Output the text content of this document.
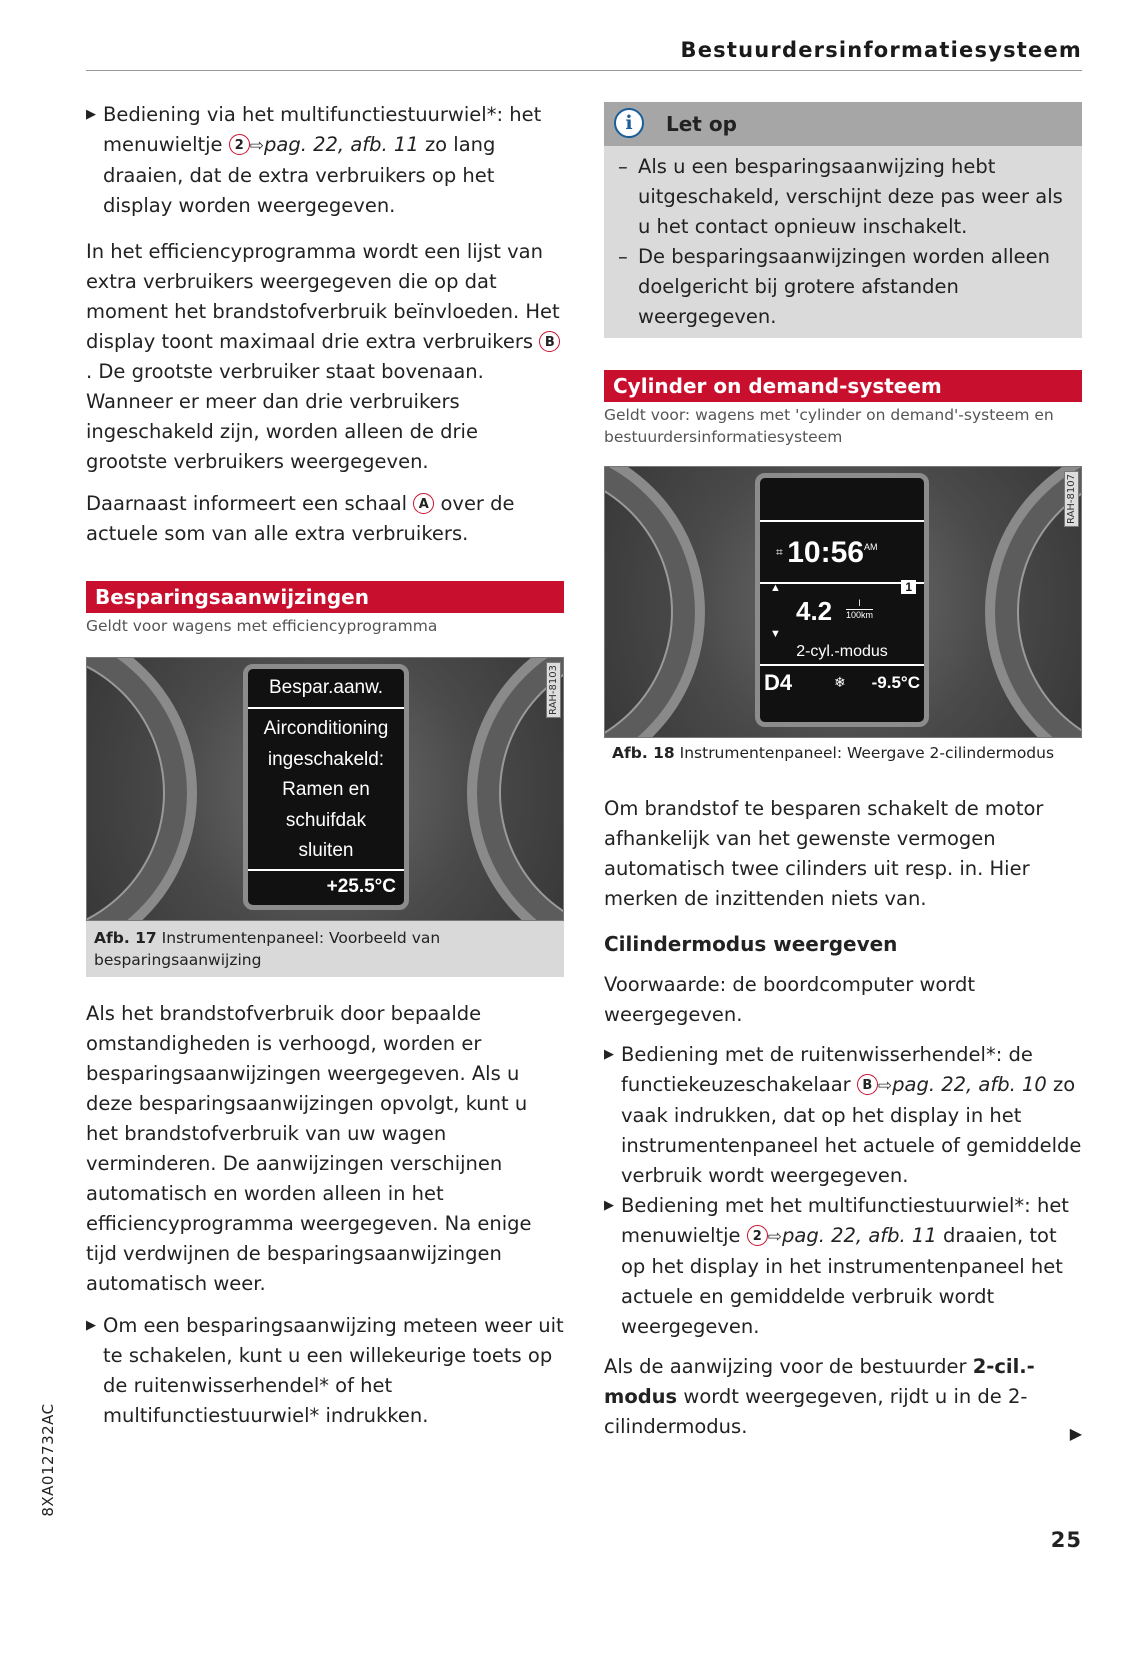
Bestuurdersinformatiesysteem

▶ Bediening via het multifunctiestuurwiel*: het menuwieltje 2 ⇨pag. 22, afb. 11 zo lang draaien, dat de extra verbruikers op het display worden weergegeven.

In het efficiencyprogramma wordt een lijst van extra verbruikers weergegeven die op dat moment het brandstofverbruik beïnvloeden. Het display toont maximaal drie extra verbruikers B. De grootste verbruiker staat bovenaan. Wanneer er meer dan drie verbruikers ingeschakeld zijn, worden alleen de drie grootste verbruikers weergegeven.

Daarnaast informeert een schaal A over de actuele som van alle extra verbruikers.

Besparingsaanwijzingen
Geldt voor wagens met efficiencyprogramma
RAH-8103
Bespar.aanw.
Airconditioning
ingeschakeld:
Ramen en
schuifdak
sluiten
+25.5°C
Afb. 17 Instrumentenpaneel: Voorbeeld van besparingsaanwijzing

Als het brandstofverbruik door bepaalde omstandigheden is verhoogd, worden er besparingsaanwijzingen weergegeven. Als u deze besparingsaanwijzingen opvolgt, kunt u het brandstofverbruik van uw wagen verminderen. De aanwijzingen verschijnen automatisch en worden alleen in het efficiencyprogramma weergegeven. Na enige tijd verdwijnen de besparingsaanwijzingen automatisch weer.

▶ Om een besparingsaanwijzing meteen weer uit te schakelen, kunt u een willekeurige toets op de ruitenwisserhendel* of het multifunctiestuurwiel* indrukken.

i	Let op

– Als u een besparingsaanwijzing hebt uitgeschakeld, verschijnt deze pas weer als u het contact opnieuw inschakelt.

– De besparingsaanwijzingen worden alleen doelgericht bij grotere afstanden weergegeven.

Cylinder on demand-systeem
Geldt voor: wagens met 'cylinder on demand'-systeem en bestuurdersinformatiesysteem
RAH-8107
⌗ $10:56^{AM}$
▲	1
4.2	l
100km
▼
2-cyl.-modus
D4	❄ -9.5°C
Afb. 18 Instrumentenpaneel: Weergave 2-cilindermodus

Om brandstof te besparen schakelt de motor afhankelijk van het gewenste vermogen automatisch twee cilinders uit resp. in. Hier merken de inzittenden niets van.

Cilindermodus weergeven

Voorwaarde: de boordcomputer wordt weergegeven.

▶ Bediening met de ruitenwisserhendel*: de functiekeuzeschakelaar B ⇨pag. 22, afb. 10 zo vaak indrukken, dat op het display in het instrumentenpaneel het actuele of gemiddelde verbruik wordt weergegeven.

▶ Bediening met het multifunctiestuurwiel*: het menuwieltje 2 ⇨pag. 22, afb. 11 draaien, tot op het display in het instrumentenpaneel het actuele en gemiddelde verbruik wordt weergegeven.

Als de aanwijzing voor de bestuurder 2-cil.-modus wordt weergegeven, rijdt u in de 2-cilindermodus.	▶
8XA012732AC
25
